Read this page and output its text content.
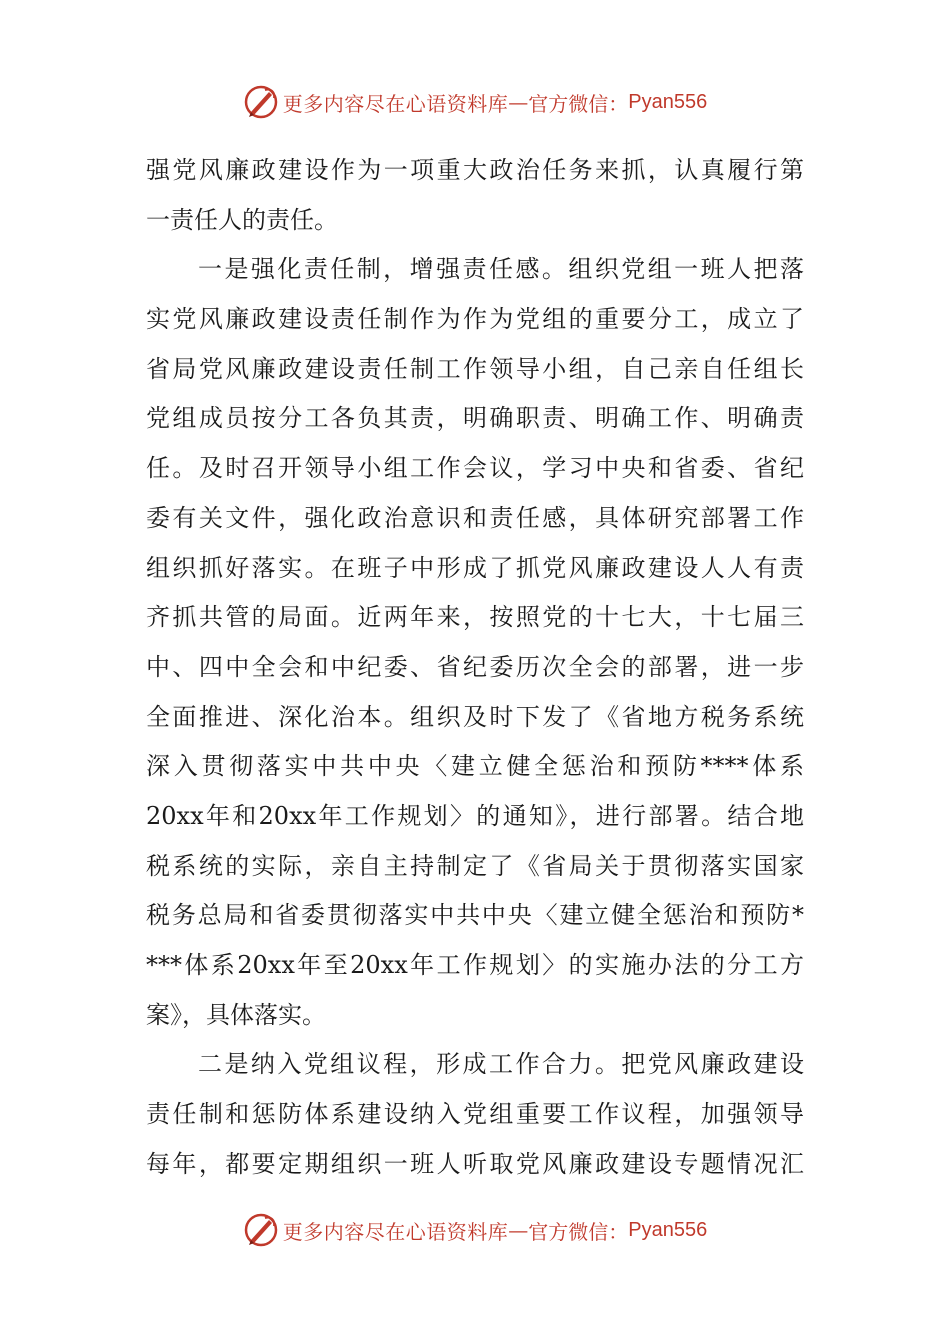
更多内容尽在心语资料库 — 官方微信： Pyan556
强党风廉政建设作为一项重大政治任务来抓，认真履行第
一责任人的责任。
一是强化责任制，增强责任感。组织党组一班人把落
实党风廉政建设责任制作为作为党组的重要分工，成立了
省局党风廉政建设责任制工作领导小组，自己亲自任组长
党组成员按分工各负其责，明确职责、明确工作、明确责
任。及时召开领导小组工作会议，学习中央和省委、省纪
委有关文件，强化政治意识和责任感，具体研究部署工作
组织抓好落实。在班子中形成了抓党风廉政建设人人有责
齐抓共管的局面。近两年来，按照党的十七大，十七届三
中、四中全会和中纪委、省纪委历次全会的部署，进一步
全面推进、深化治本。组织及时下发了《省地方税务系统
深入贯彻落实中共中央〈建立健全惩治和预防****体系
20xx年和20xx年工作规划〉的通知》，进行部署。结合地
税系统的实际，亲自主持制定了《省局关于贯彻落实国家
税务总局和省委贯彻落实中共中央〈建立健全惩治和预防*
***体系20xx年至20xx年工作规划〉的实施办法的分工方
案》，具体落实。
二是纳入党组议程，形成工作合力。把党风廉政建设
责任制和惩防体系建设纳入党组重要工作议程，加强领导
每年，都要定期组织一班人听取党风廉政建设专题情况汇
更多内容尽在心语资料库 — 官方微信： Pyan556
